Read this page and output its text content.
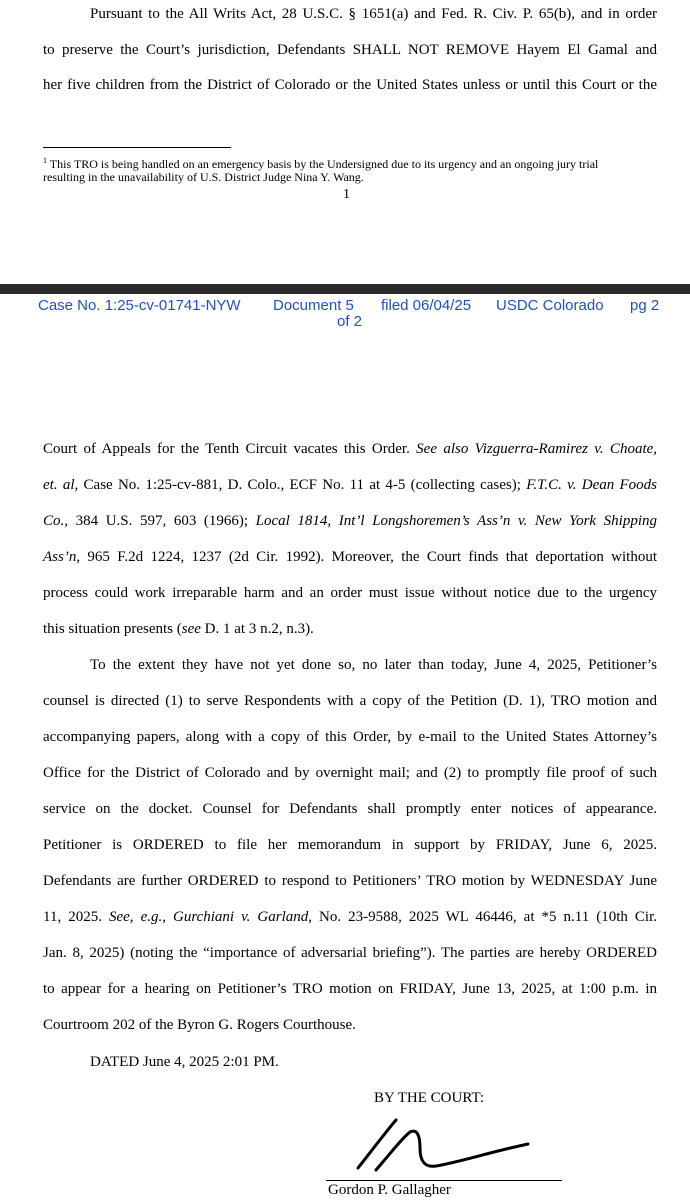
Pursuant to the All Writs Act, 28 U.S.C. § 1651(a) and Fed. R. Civ. P. 65(b), and in order
to preserve the Court’s jurisdiction, Defendants SHALL NOT REMOVE Hayem El Gamal and
her five children from the District of Colorado or the United States unless or until this Court or the
$^1$ This TRO is being handled on an emergency basis by the Undersigned due to its urgency and an ongoing jury trial
resulting in the unavailability of U.S. District Judge Nina Y. Wang.
1
Case No. 1:25-cv-01741-NYW Document 5 filed 06/04/25 USDC Colorado pg 2
of 2
Court of Appeals for the Tenth Circuit vacates this Order. See also Vizguerra-Ramirez v. Choate,
et. al, Case No. 1:25-cv-881, D. Colo., ECF No. 11 at 4-5 (collecting cases); F.T.C. v. Dean Foods
Co., 384 U.S. 597, 603 (1966); Local 1814, Int’l Longshoremen’s Ass’n v. New York Shipping
Ass’n, 965 F.2d 1224, 1237 (2d Cir. 1992). Moreover, the Court finds that deportation without
process could work irreparable harm and an order must issue without notice due to the urgency
this situation presents (see D. 1 at 3 n.2, n.3).
To the extent they have not yet done so, no later than today, June 4, 2025, Petitioner’s
counsel is directed (1) to serve Respondents with a copy of the Petition (D. 1), TRO motion and
accompanying papers, along with a copy of this Order, by e-mail to the United States Attorney’s
Office for the District of Colorado and by overnight mail; and (2) to promptly file proof of such
service on the docket. Counsel for Defendants shall promptly enter notices of appearance.
Petitioner is ORDERED to file her memorandum in support by FRIDAY, June 6, 2025.
Defendants are further ORDERED to respond to Petitioners’ TRO motion by WEDNESDAY June
11, 2025. See, e.g., Gurchiani v. Garland, No. 23-9588, 2025 WL 46446, at *5 n.11 (10th Cir.
Jan. 8, 2025) (noting the “importance of adversarial briefing”). The parties are hereby ORDERED
to appear for a hearing on Petitioner’s TRO motion on FRIDAY, June 13, 2025, at 1:00 p.m. in
Courtroom 202 of the Byron G. Rogers Courthouse.
DATED June 4, 2025 2:01 PM.
BY THE COURT:
Gordon P. Gallagher
